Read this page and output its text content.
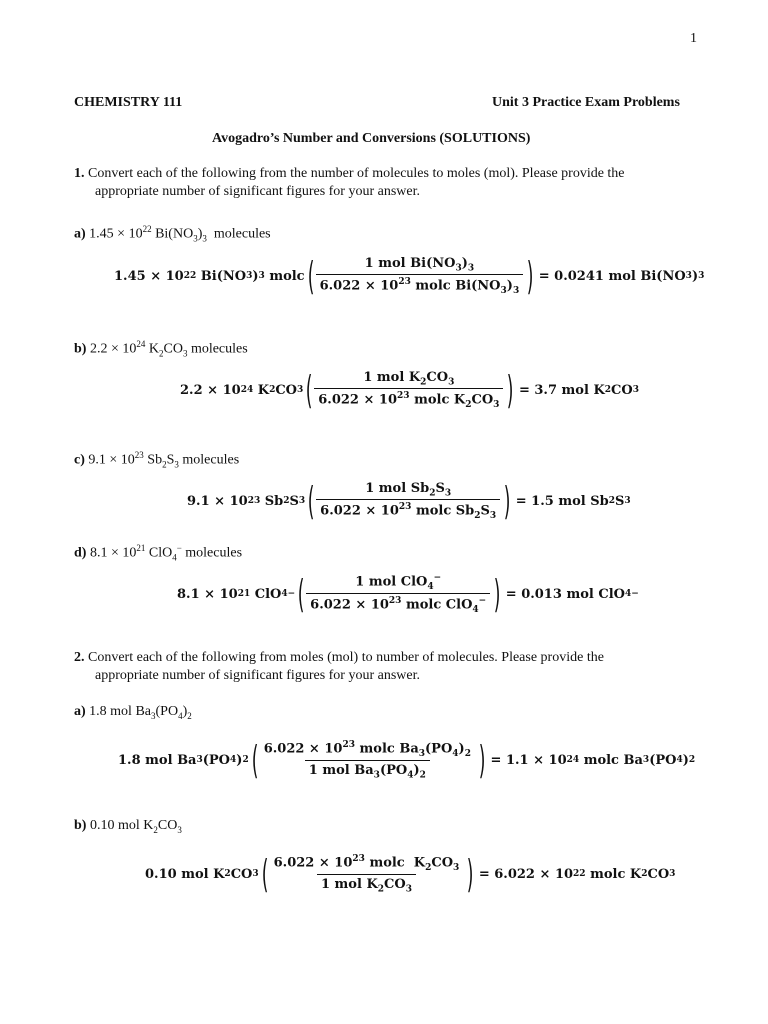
1
CHEMISTRY 111	Unit 3 Practice Exam Problems
Avogadro’s Number and Conversions (SOLUTIONS)
1. Convert each of the following from the number of molecules to moles (mol). Please provide the
appropriate number of significant figures for your answer.
a) $1.45 \times 10^{22}$ $Bi(NO_3)_3$ molecules
1.45
×
10 22
Bi(NO 3 ) 3
molc ( $\frac{1 mol Bi(NO_3)_3}{6.022 \times 10^{23} molc Bi(NO_3)_3}$ )
=
0.0241
mol
Bi(NO 3 ) 3
b) $2.2 \times 10^{24}$ $K_2CO_3$ molecules
2.2
×
10 24
K 2 CO 3 ( $\frac{1 mol K_2CO_3}{6.022 \times 10^{23} molc K_2CO_3}$ )
=
3.7
mol
K 2 CO 3
c) $9.1 \times 10^{23}$ $Sb_2S_3$ molecules
9.1
×
10 23
Sb 2 S 3 ( $\frac{1 mol Sb_2S_3}{6.022 \times 10^{23} molc Sb_2S_3}$ )
=
1.5
mol
Sb 2 S 3
d) $8.1 \times 10^{21}$ ClO$_4$− molecules
8.1
×
10 21
ClO 4 − ( $\frac{1 mol ClO_4^-}{6.022 \times 10^{23} molc ClO_4^-}$ )
=
0.013
mol
ClO 4 −
2. Convert each of the following from moles (mol) to number of molecules. Please provide the
appropriate number of significant figures for your answer.
a) 1.8 mol $Ba_3(PO_4)_2$
1.8
mol
Ba 3 (PO 4 ) 2 ( $\frac{6.022 \times 10^{23} molc Ba_3(PO_4)_2}{1 mol Ba_3(PO_4)_2}$ )
=
1.1
×
10 24
molc
Ba 3 (PO 4 ) 2
b) 0.10 mol $K_2CO_3$
0.10
mol
K 2 CO 3 ( $\frac{6.022 \times 10^{23} molc K_2CO_3}{1 mol K_2CO_3}$ )
=
6.022
×
10 22
molc
K 2 CO 3
